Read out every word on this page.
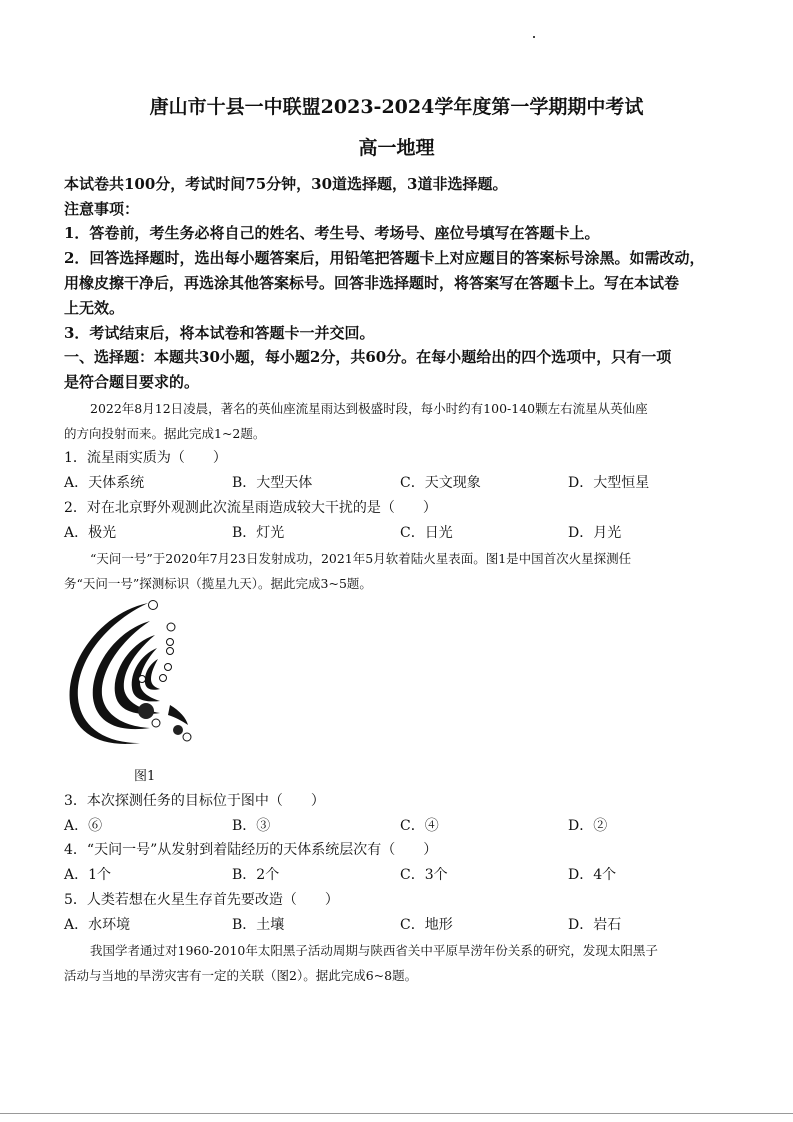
唐山市十县一中联盟2023-2024学年度第一学期期中考试
高一地理
本试卷共100分，考试时间75分钟，30道选择题，3道非选择题。
注意事项：
1．答卷前，考生务必将自己的姓名、考生号、考场号、座位号填写在答题卡上。
2．回答选择题时，选出每小题答案后，用铅笔把答题卡上对应题目的答案标号涂黑。如需改动，
用橡皮擦干净后，再选涂其他答案标号。回答非选择题时，将答案写在答题卡上。写在本试卷
上无效。
3．考试结束后，将本试卷和答题卡一并交回。
一、选择题：本题共30小题，每小题2分，共60分。在每小题给出的四个选项中，只有一项
是符合题目要求的。
2022年8月12日凌晨，著名的英仙座流星雨达到极盛时段，每小时约有100-140颗左右流星从英仙座
的方向投射而来。据此完成1~2题。
1．流星雨实质为（　　）
A．天体系统	B．大型天体	C．天文现象	D．大型恒星
2．对在北京野外观测此次流星雨造成较大干扰的是（　　）
A．极光	B．灯光	C．日光	D．月光
“天问一号”于2020年7月23日发射成功，2021年5月软着陆火星表面。图1是中国首次火星探测任
务“天问一号”探测标识（揽星九天）。据此完成3~5题。
图1
3．本次探测任务的目标位于图中（　　）
A．⑥	B．③	C．④	D．②
4．“天问一号”从发射到着陆经历的天体系统层次有（　　）
A．1个	B．2个	C．3个	D．4个
5．人类若想在火星生存首先要改造（　　）
A．水环境	B．土壤	C．地形	D．岩石
我国学者通过对1960-2010年太阳黑子活动周期与陕西省关中平原旱涝年份关系的研究，发现太阳黑子
活动与当地的旱涝灾害有一定的关联（图2）。据此完成6~8题。
